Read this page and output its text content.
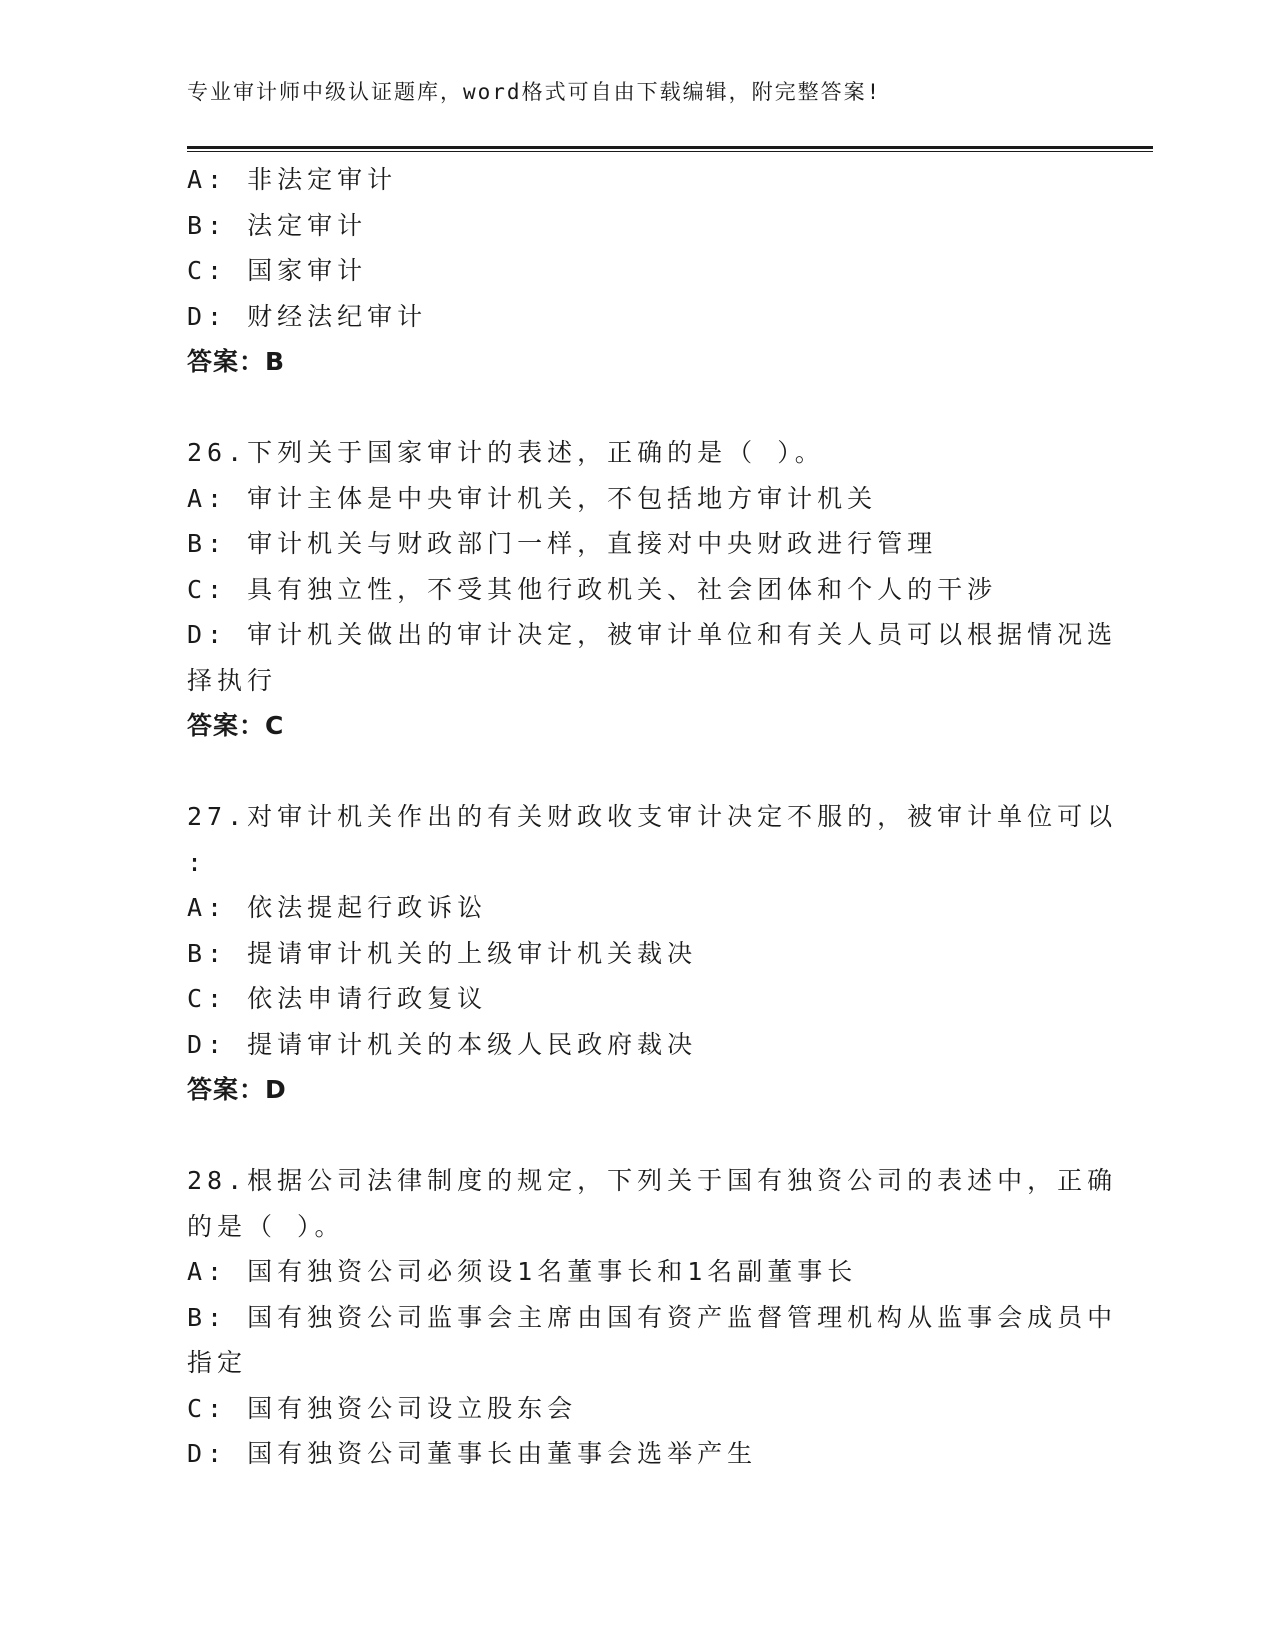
专业审计师中级认证题库，word格式可自由下载编辑，附完整答案!
A: 非法定审计
B: 法定审计
C: 国家审计
D: 财经法纪审计
答案：B
26.下列关于国家审计的表述，正确的是（ ）。
A: 审计主体是中央审计机关，不包括地方审计机关
B: 审计机关与财政部门一样，直接对中央财政进行管理
C: 具有独立性，不受其他行政机关、社会团体和个人的干涉
D: 审计机关做出的审计决定，被审计单位和有关人员可以根据情况选
择执行
答案：C
27.对审计机关作出的有关财政收支审计决定不服的，被审计单位可以
:
A: 依法提起行政诉讼
B: 提请审计机关的上级审计机关裁决
C: 依法申请行政复议
D: 提请审计机关的本级人民政府裁决
答案：D
28.根据公司法律制度的规定，下列关于国有独资公司的表述中，正确
的是（ ）。
A: 国有独资公司必须设1名董事长和1名副董事长
B: 国有独资公司监事会主席由国有资产监督管理机构从监事会成员中
指定
C: 国有独资公司设立股东会
D: 国有独资公司董事长由董事会选举产生
